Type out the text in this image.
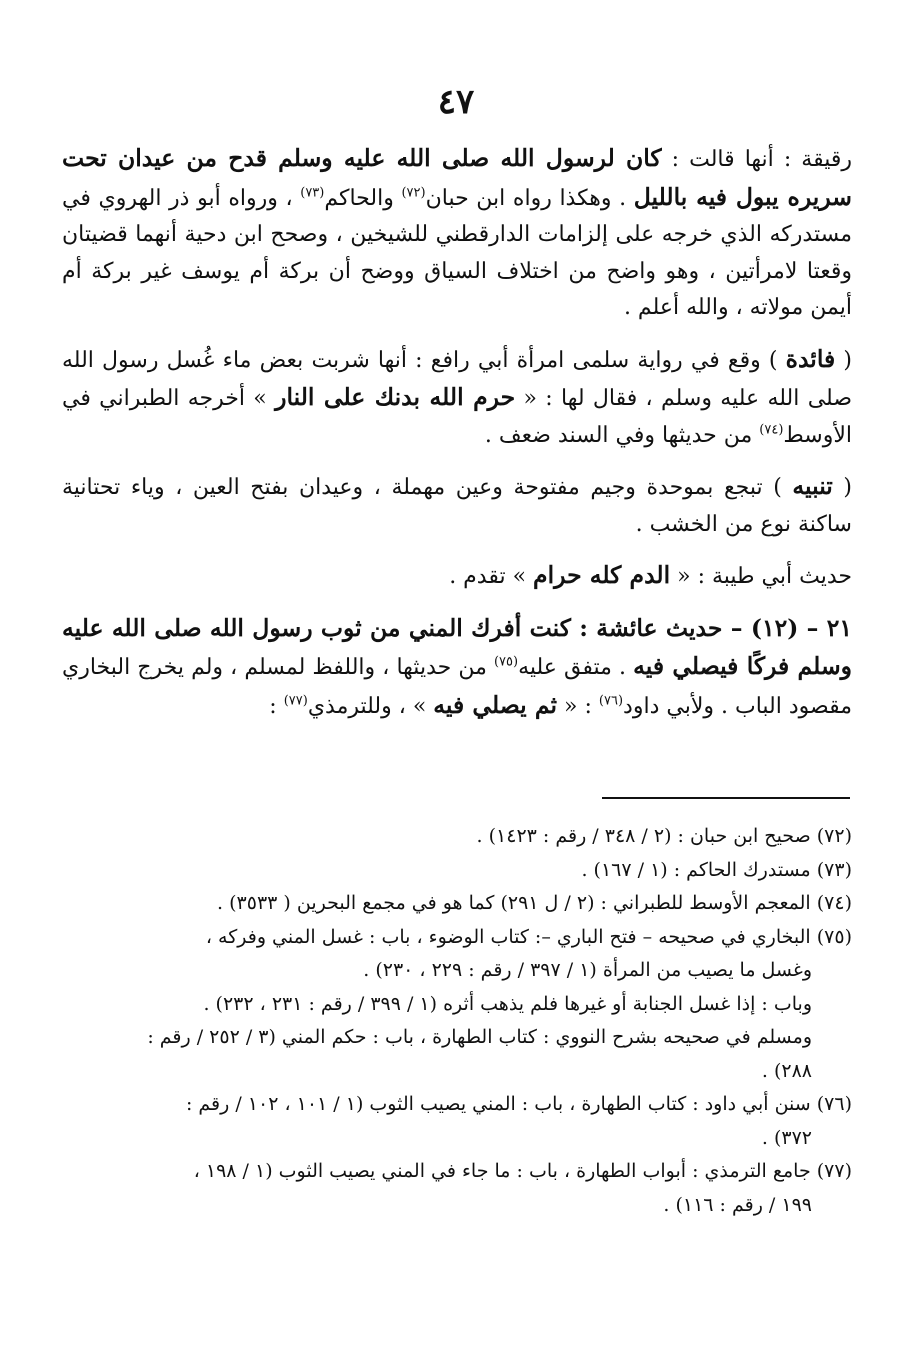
٤٧

رقيقة : أنها قالت : كان لرسول الله صلى الله عليه وسلم قدح من عيدان تحت سريره يبول فيه بالليل . وهكذا رواه ابن حبان$^{(٧٢)}$ والحاكم$^{(٧٣)}$ ، ورواه أبو ذر الهروي في مستدركه الذي خرجه على إلزامات الدارقطني للشيخين ، وصحح ابن دحية أنهما قضيتان وقعتا لامرأتين ، وهو واضح من اختلاف السياق ووضح أن بركة أم يوسف غير بركة أم أيمن مولاته ، والله أعلم .

( فائدة ) وقع في رواية سلمى امرأة أبي رافع : أنها شربت بعض ماء غُسل رسول الله صلى الله عليه وسلم ، فقال لها : « حرم الله بدنك على النار » أخرجه الطبراني في الأوسط$^{(٧٤)}$ من حديثها وفي السند ضعف .

( تنبيه ) تبجع بموحدة وجيم مفتوحة وعين مهملة ، وعيدان بفتح العين ، وياء تحتانية ساكنة نوع من الخشب .

حديث أبي طيبة : « الدم كله حرام » تقدم .

٢١ – (١٢) – حديث عائشة : كنت أفرك المني من ثوب رسول الله صلى الله عليه وسلم فركًا فيصلي فيه . متفق عليه$^{(٧٥)}$ من حديثها ، واللفظ لمسلم ، ولم يخرج البخاري مقصود الباب . ولأبي داود$^{(٧٦)}$ : « ثم يصلي فيه » ، وللترمذي$^{(٧٧)}$ :

(٧٢) صحيح ابن حبان : (٢ / ٣٤٨ / رقم : ١٤٢٣) .

(٧٣) مستدرك الحاكم : (١ / ١٦٧) .

(٧٤) المعجم الأوسط للطبراني : (٢ / ل ٢٩١) كما هو في مجمع البحرين ( ٣٥٣٣) .

(٧٥) البخاري في صحيحه – فتح الباري –: كتاب الوضوء ، باب : غسل المني وفركه ،
وغسل ما يصيب من المرأة (١ / ٣٩٧ / رقم : ٢٢٩ ، ٢٣٠) .
وباب : إذا غسل الجنابة أو غيرها فلم يذهب أثره (١ / ٣٩٩ / رقم : ٢٣١ ، ٢٣٢) .
ومسلم في صحيحه بشرح النووي : كتاب الطهارة ، باب : حكم المني (٣ / ٢٥٢ / رقم :
٢٨٨) .

(٧٦) سنن أبي داود : كتاب الطهارة ، باب : المني يصيب الثوب (١ / ١٠١ ، ١٠٢ / رقم :
٣٧٢) .

(٧٧) جامع الترمذي : أبواب الطهارة ، باب : ما جاء في المني يصيب الثوب (١ / ١٩٨ ،
١٩٩ / رقم : ١١٦) .
